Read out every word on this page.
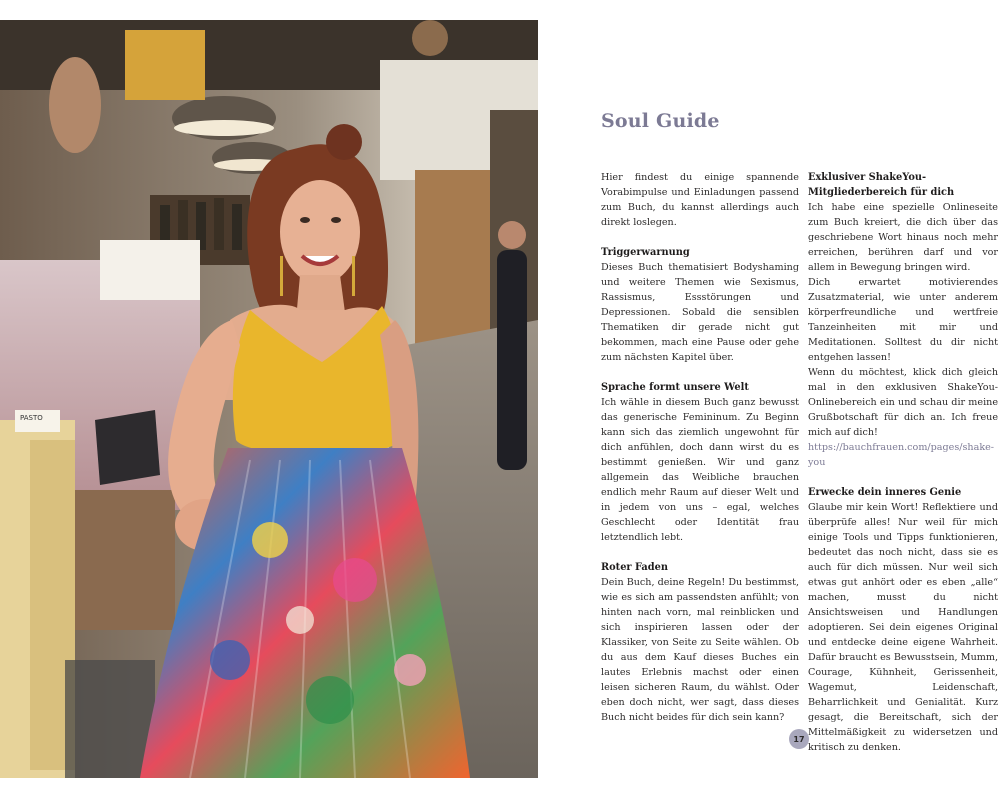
PASTO
Soul Guide

Hier findest du einige spannende Vorabimpulse und Einladungen passend zum Buch, du kannst allerdings auch direkt loslegen.

Triggerwarnung

Dieses Buch thematisiert Bodyshaming und weitere Themen wie Sexismus, Rassismus, Essstörungen und Depressionen. Sobald die sensiblen Thematiken dir gerade nicht gut bekommen, mach eine Pause oder gehe zum nächsten Kapitel über.

Sprache formt unsere Welt

Ich wähle in diesem Buch ganz bewusst das generische Femininum. Zu Beginn kann sich das ziemlich ungewohnt für dich anfühlen, doch dann wirst du es bestimmt genießen. Wir und ganz allgemein das Weibliche brauchen endlich mehr Raum auf dieser Welt und in jedem von uns – egal, welches Geschlecht oder Identität frau letztendlich lebt.

Roter Faden

Dein Buch, deine Regeln! Du bestimmst, wie es sich am passendsten anfühlt; von hinten nach vorn, mal reinblicken und sich inspirieren lassen oder der Klassiker, von Seite zu Seite wählen. Ob du aus dem Kauf dieses Buches ein lautes Erlebnis machst oder einen leisen sicheren Raum, du wählst. Oder eben doch nicht, wer sagt, dass dieses Buch nicht beides für dich sein kann?

Exklusiver ShakeYou-Mitgliederbereich für dich

Ich habe eine spezielle Onlineseite zum Buch kreiert, die dich über das geschriebene Wort hinaus noch mehr erreichen, berühren darf und vor allem in Bewegung bringen wird.

Dich erwartet motivierendes Zusatzmaterial, wie unter anderem körperfreundliche und wertfreie Tanzeinheiten mit mir und Meditationen. Solltest du dir nicht entgehen lassen!

Wenn du möchtest, klick dich gleich mal in den exklusiven ShakeYou-Onlinebereich ein und schau dir meine Grußbotschaft für dich an. Ich freue mich auf dich!

https://bauchfrauen.com/pages/shake-you
Erwecke dein inneres Genie

Glaube mir kein Wort! Reflektiere und überprüfe alles! Nur weil für mich einige Tools und Tipps funktionieren, bedeutet das noch nicht, dass sie es auch für dich müssen. Nur weil sich etwas gut anhört oder es eben „alle“ machen, musst du nicht Ansichtsweisen und Handlungen adoptieren. Sei dein eigenes Original und entdecke deine eigene Wahrheit. Dafür braucht es Bewusstsein, Mumm, Courage, Kühnheit, Gerissenheit, Wagemut, Leidenschaft, Beharrlichkeit und Genialität. Kurz gesagt, die Bereitschaft, sich der Mittelmäßigkeit zu widersetzen und kritisch zu denken.

17
